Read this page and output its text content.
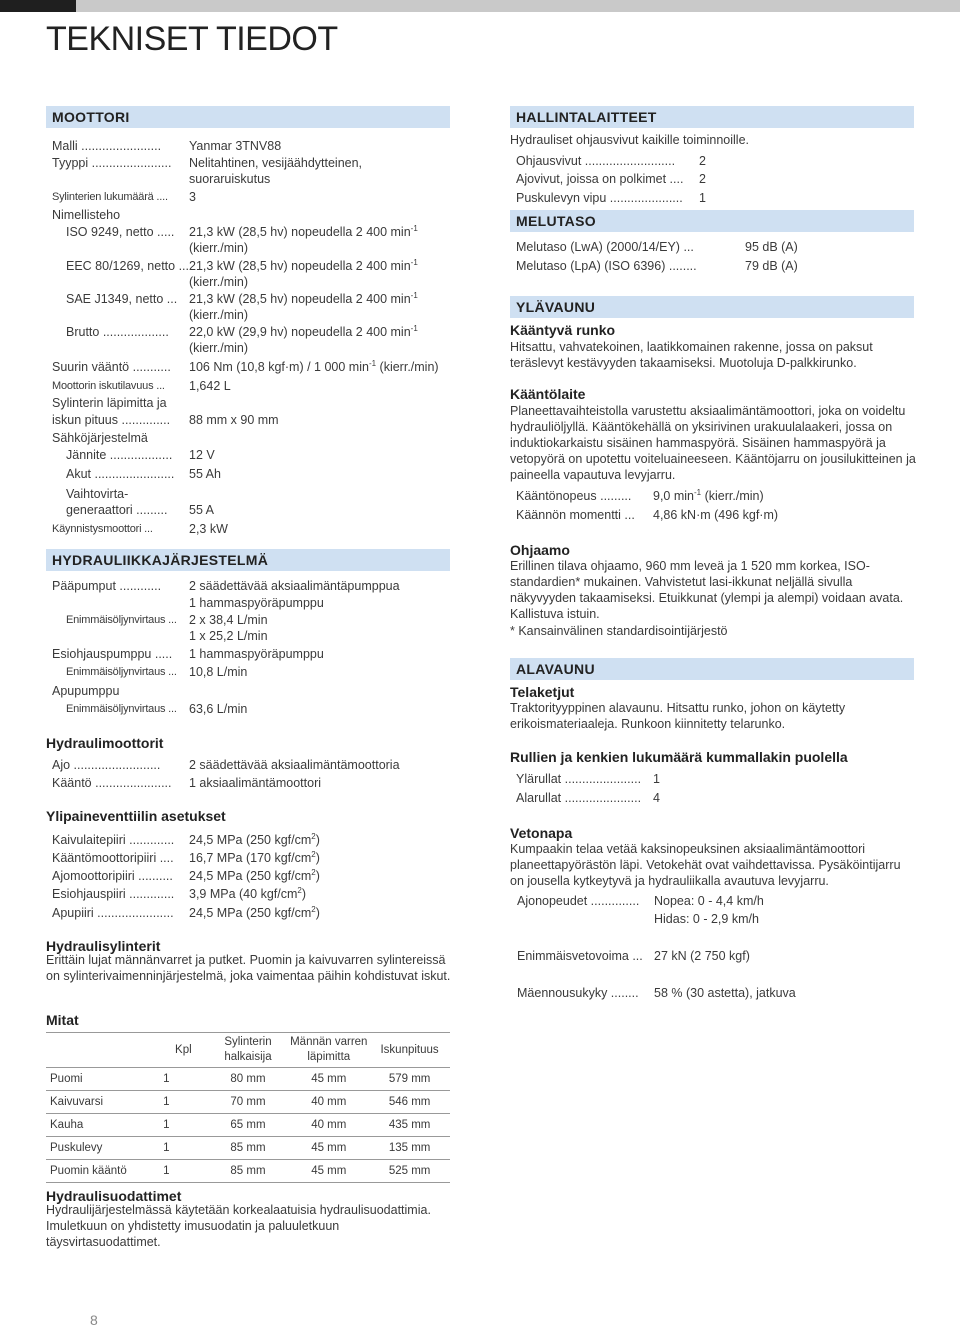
TEKNISET TIEDOT
MOOTTORI
Malli ....................... Yanmar 3TNV88
Tyyppi ....................... Nelitahtinen, vesijäähdytteinen,
suoraruiskutus
Sylinterien lukumäärä .... 3
Nimellisteho
ISO 9249, netto ..... 21,3 kW (28,5 hv) nopeudella 2 400 $\min^{-1}$
(kierr./min)
EEC 80/1269, netto ... 21,3 kW (28,5 hv) nopeudella 2 400 $\min^{-1}$
(kierr./min)
SAE J1349, netto ... 21,3 kW (28,5 hv) nopeudella 2 400 $\min^{-1}$
(kierr./min)
Brutto ................... 22,0 kW (29,9 hv) nopeudella 2 400 $\min^{-1}$
(kierr./min)
Suurin vääntö ........... 106 Nm (10,8 kgf·m) / 1 000 $\min^{-1}$ (kierr./min)
Moottorin iskutilavuus ... 1,642 L
Sylinterin läpimitta ja
iskun pituus .............. 88 mm x 90 mm
Sähköjärjestelmä
Jännite .................. 12 V
Akut ....................... 55 Ah
Vaihtovirta-
generaattori ......... 55 A
Käynnistysmoottori ...	2,3 kW
HYDRAULIIKKAJÄRJESTELMÄ
Pääpumput ............ 2 säädettävää aksiaalimäntäpumppua
1 hammaspyöräpumppu
Enimmäisöljynvirtaus ... 2 x 38,4 L/min
1 x 25,2 L/min
Esiohjauspumppu ..... 1 hammaspyöräpumppu
Enimmäisöljynvirtaus ... 10,8 L/min
Apupumppu
Enimmäisöljynvirtaus ... 63,6 L/min
Hydraulimoottorit
Ajo ......................... 2 säädettävää aksiaalimäntämoottoria
Kääntö ...................... 1 aksiaalimäntämoottori
Ylipaineventtiilin asetukset
Kaivulaitepiiri ............. 24,5 MPa (250 kgf/$cm^2$)
Kääntömoottoripiiri .... 16,7 MPa (170 kgf/$cm^2$)
Ajomoottoripiiri .......... 24,5 MPa (250 kgf/$cm^2$)
Esiohjauspiiri ............. 3,9 MPa (40 kgf/$cm^2$)
Apupiiri ...................... 24,5 MPa (250 kgf/$cm^2$)
Hydraulisylinterit
Erittäin lujat männänvarret ja putket. Puomin ja kaivuvarren sylintereissä on sylinterivaimenninjärjestelmä, joka vaimentaa päihin kohdistuvat iskut.
Mitat
	Kpl	Sylinterin halkaisija	Männän varren läpimitta	Iskunpituus
Puomi	1	80 mm	45 mm	579 mm
Kaivuvarsi	1	70 mm	40 mm	546 mm
Kauha	1	65 mm	40 mm	435 mm
Puskulevy	1	85 mm	45 mm	135 mm
Puomin kääntö	1	85 mm	45 mm	525 mm
Hydraulisuodattimet
Hydraulijärjestelmässä käytetään korkealaatuisia hydraulisuodattimia. Imuletkuun on yhdistetty imusuodatin ja paluuletkuun täysvirtasuodattimet.
HALLINTALAITTEET
Hydrauliset ohjausvivut kaikille toiminnoille.
Ohjausvivut .......................... 2
Ajovivut, joissa on polkimet .... 2
Puskulevyn vipu ..................... 1
MELUTASO
Melutaso (LwA) (2000/14/EY) ...	95 dB (A)
Melutaso (LpA) (ISO 6396) ........	79 dB (A)
YLÄVAUNU
Kääntyvä runko
Hitsattu, vahvatekoinen, laatikkomainen rakenne, jossa on paksut teräslevyt kestävyyden takaamiseksi. Muotoluja D-palkkirunko.
Kääntölaite
Planeettavaihteistolla varustettu aksiaalimäntämoottori, joka on voideltu hydrauliöljyllä. Kääntökehällä on yksirivinen urakuulalaakeri, jossa on induktiokarkaistu sisäinen hammaspyörä. Sisäinen hammaspyörä ja vetopyörä on upotettu voiteluaineeseen. Kääntöjarru on jousilukitteinen ja paineella vapautuva levyjarru.
Kääntönopeus ......... 9,0 $\min^{-1}$ (kierr./min)
Käännön momentti ... 4,86 kN·m (496 kgf·m)
Ohjaamo
Erillinen tilava ohjaamo, 960 mm leveä ja 1 520 mm korkea, ISO-standardien* mukainen. Vahvistetut lasi-ikkunat neljällä sivulla näkyvyyden takaamiseksi. Etuikkunat (ylempi ja alempi) voidaan avata. Kallistuva istuin.
* Kansainvälinen standardisointijärjestö
ALAVAUNU
Telaketjut
Traktorityyppinen alavaunu. Hitsattu runko, johon on käytetty erikoismateriaaleja. Runkoon kiinnitetty telarunko.
Rullien ja kenkien lukumäärä kummallakin puolella
Ylärullat ...................... 1
Alarullat ...................... 4
Vetonapa
Kumpaakin telaa vetää kaksinopeuksinen aksiaalimäntämoottori planeettapyörästön läpi. Vetokehät ovat vaihdettavissa. Pysäköintijarru on jousella kytkeytyvä ja hydrauliikalla avautuva levyjarru.
Ajonopeudet .............. Nopea: 0 - 4,4 km/h
Hidas: 0 - 2,9 km/h
Enimmäisvetovoima ... 27 kN (2 750 kgf)
Mäennousukyky ........ 58 % (30 astetta), jatkuva
8
